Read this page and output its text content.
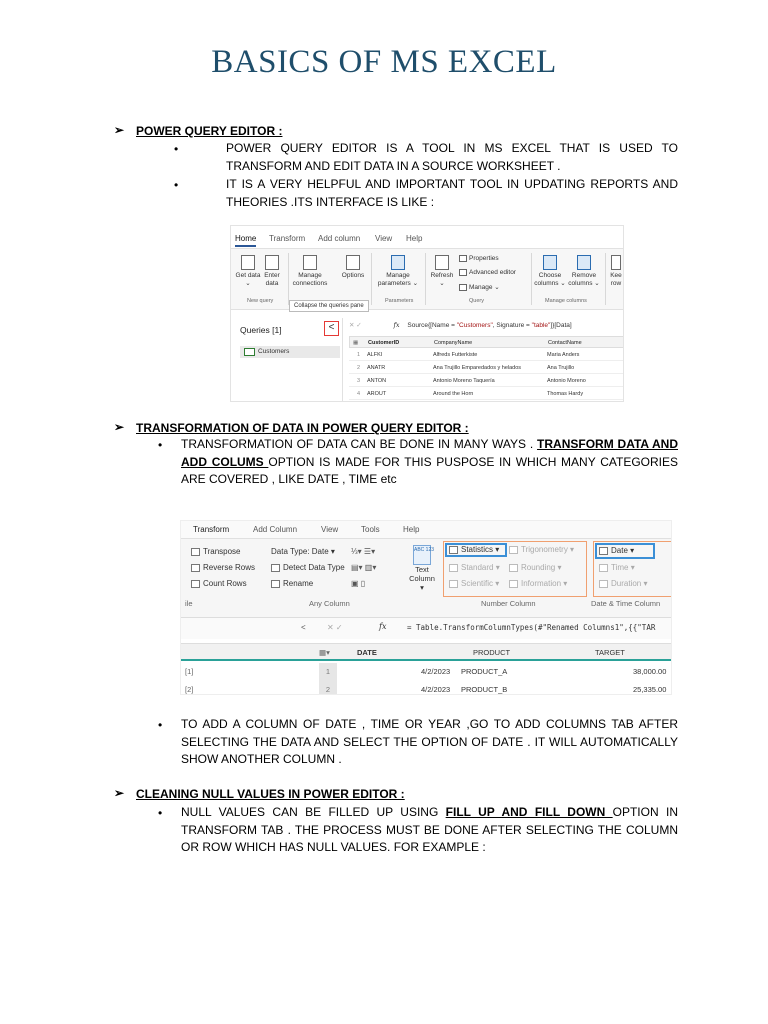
BASICS OF MS EXCEL
➢ POWER QUERY EDITOR :
•	POWER QUERY EDITOR IS A TOOL IN MS EXCEL THAT IS USED TO TRANSFORM AND EDIT DATA IN A SOURCE WORKSHEET .
•	IT IS A VERY HELPFUL AND IMPORTANT TOOL IN UPDATING REPORTS AND THEORIES .ITS INTERFACE IS LIKE :
Home Transform Add column View Help
Get data ⌄
Enter data
New query
Manage connections
Options	Manage parameters ⌄
Parameters
Refresh ⌄
Properties
Advanced editor
Manage ⌄
Query
Choose columns ⌄
Remove columns ⌄
Manage columns
Kee row
Collapse the queries pane
Queries [1]	<
Customers
✕ ✓	fx Source{[Name = "Customers", Signature = "table"]}[Data]
▦ CustomerID	CompanyName	ContactName
1 ALFKI	Alfreds Futterkiste	Maria Anders
2 ANATR	Ana Trujillo Emparedados y helados	Ana Trujillo
3 ANTON	Antonio Moreno Taquería	Antonio Moreno
4 AROUT	Around the Horn	Thomas Hardy
➢ TRANSFORMATION OF DATA IN POWER QUERY EDITOR :
• TRANSFORMATION OF DATA CAN BE DONE IN MANY WAYS . TRANSFORM DATA AND ADD COLUMS OPTION IS MADE FOR THIS PUSPOSE IN WHICH MANY CATEGORIES ARE COVERED , LIKE DATE , TIME etc
Transform	Add Column	View	Tools	Help
Transpose
Reverse Rows
Count Rows
Data Type: Date ▾
Detect Data Type
Rename
⅓▾ ☰▾
▤▾ ▥▾
▣ ▯
ABC 123
Text Column ▾
Statistics ▾
Standard ▾
Scientific ▾
Trigonometry ▾
Rounding ▾
Information ▾
Date ▾
Time ▾
Duration ▾
ile	Any Column	Number Column	Date & Time Column
<	✕ ✓	fx	= Table.TransformColumnTypes(#"Renamed Columns1",{{"TAR
▦▾	DATE	PRODUCT	TARGET
[1]	1	4/2/2023 PRODUCT_A	38,000.00
[2]	2	4/2/2023 PRODUCT_B	25,335.00
• TO ADD A COLUMN OF DATE , TIME OR YEAR ,GO TO ADD COLUMNS TAB AFTER SELECTING THE DATA AND SELECT THE OPTION OF DATE . IT WILL AUTOMATICALLY SHOW ANOTHER COLUMN .
➢ CLEANING NULL VALUES IN POWER EDITOR :
• NULL VALUES CAN BE FILLED UP USING FILL UP AND FILL DOWN OPTION IN TRANSFORM TAB . THE PROCESS MUST BE DONE AFTER SELECTING THE COLUMN OR ROW WHICH HAS NULL VALUES. FOR EXAMPLE :
